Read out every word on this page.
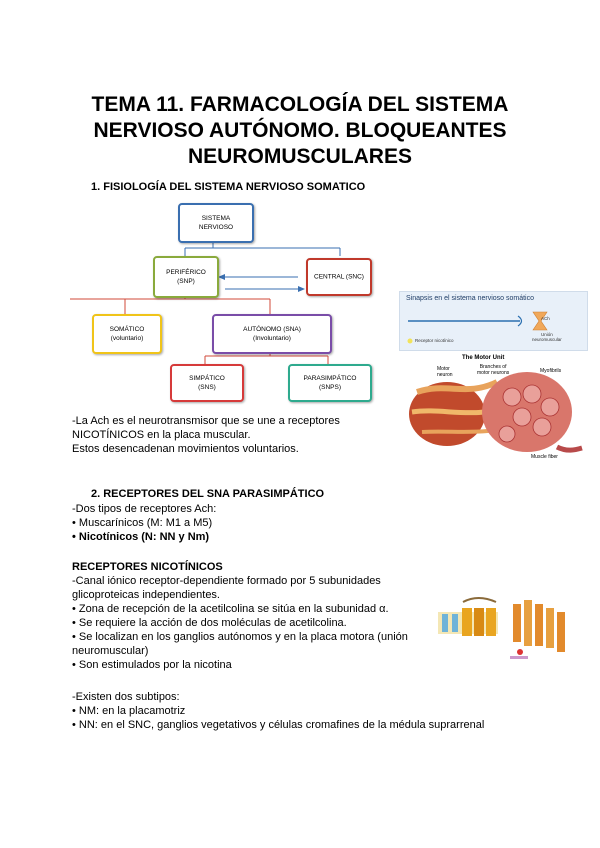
TEMA 11. FARMACOLOGÍA DEL SISTEMA
NERVIOSO AUTÓNOMO. BLOQUEANTES
NEUROMUSCULARES
1. FISIOLOGÍA DEL SISTEMA NERVIOSO SOMATICO
SISTEMA
NERVIOSO
PERIFÉRICO
(SNP)
CENTRAL (SNC)
SOMÁTICO
(voluntario)
AUTÓNOMO (SNA)
(Involuntario)
SIMPÁTICO
(SNS)
PARASIMPÁTICO
(SNPS)
Sinapsis en el sistema nervioso somático
ACh
Unión
neuromuscular
Receptor nicotínico
The Motor Unit
Motor
neuron
Branches of
motor neurons	Myofibrils
Muscle fiber
-La Ach es el neurotransmisor que se une a receptores
NICOTÍNICOS en la placa muscular.
Estos desencadenan movimientos voluntarios.
2. RECEPTORES DEL SNA PARASIMPÁTICO
-Dos tipos de receptores Ach:
• Muscarínicos (M: M1 a M5)
• Nicotínicos (N: NN y Nm)
RECEPTORES NICOTÍNICOS
-Canal iónico receptor-dependiente formado por 5 subunidades
glicoproteicas independientes.
• Zona de recepción de la acetilcolina se sitúa en la subunidad α.
• Se requiere la acción de dos moléculas de acetilcolina.
• Se localizan en los ganglios autónomos y en la placa motora (unión
neuromuscular)
• Son estimulados por la nicotina
-Existen dos subtipos:
• NM: en la placamotriz
• NN: en el SNC, ganglios vegetativos y células cromafines de la médula suprarrenal
